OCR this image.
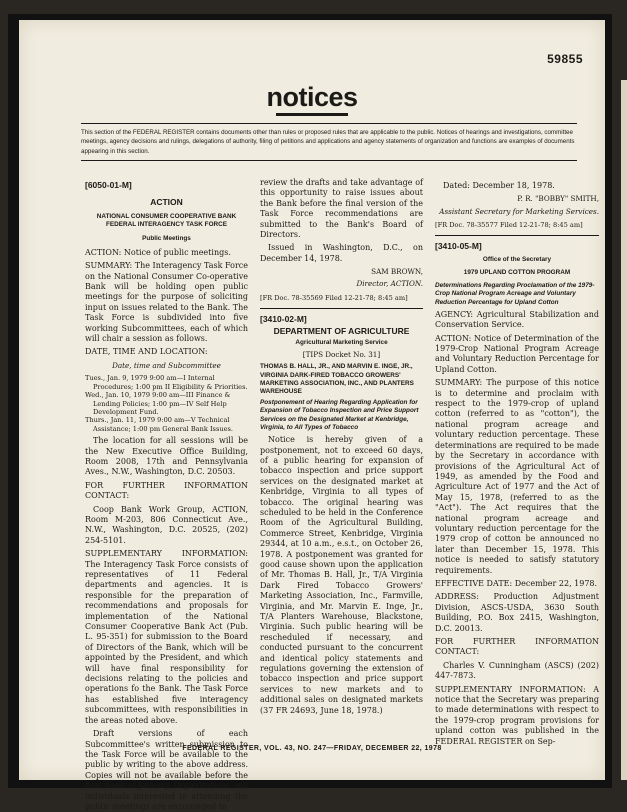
59855
notices
This section of the FEDERAL REGISTER contains documents other than rules or proposed rules that are applicable to the public. Notices of hearings and investigations, committee meetings, agency decisions and rulings, delegations of authority, filing of petitions and applications and agency statements of organization and functions are examples of documents appearing in this section.
[6050-01-M]
ACTION
NATIONAL CONSUMER COOPERATIVE BANK FEDERAL INTERAGENCY TASK FORCE
Public Meetings

ACTION: Notice of public meetings.

SUMMARY: The Interagency Task Force on the National Consumer Co-operative Bank will be holding open public meetings for the purpose of soliciting input on issues related to the Bank. The Task Force is subdivided into five working Subcommittees, each of which will chair a session as follows.

DATE, TIME AND LOCATION:

Date, time and Subcommittee
Tues., Jan. 9, 1979 9:00 am—I Internal Procedures; 1:00 pm II Eligibility & Priorities.
Wed., Jan. 10, 1979 9:00 am—III Finance & Lending Policies; 1:00 pm—IV Self Help Development Fund.
Thurs., Jan. 11, 1979 9:00 am—V Technical Assistance; 1:00 pm General Bank Issues.

The location for all sessions will be the New Executive Office Building, Room 2008, 17th and Pennsylvania Aves., N.W., Washington, D.C. 20503.

FOR FURTHER INFORMATION CONTACT:

Coop Bank Work Group, ACTION, Room M-203, 806 Connecticut Ave., N.W., Washington, D.C. 20525, (202) 254-5101.

SUPPLEMENTARY INFORMATION: The Interagency Task Force consists of representatives of 11 Federal departments and agencies. It is responsible for the preparation of recommendations and proposals for implementation of the National Consumer Cooperative Bank Act (Pub. L. 95-351) for submission to the Board of Directors of the Bank, which will be appointed by the President, and which will have final responsibility for decisions relating to the policies and operations fo the Bank. The Task Force has established five interagency subcommittees, with responsibilities in the areas noted above.

Draft versions of each Subcommittee's written submission to the Task Force will be available to the public by writing to the above address. Copies will not be available before the first week of January. Organizations and individuals interested in attending the public meetings are encouraged to

review the drafts and take advantage of this opportunity to raise issues about the Bank before the final version of the Task Force recommendations are submitted to the Bank's Board of Directors.

Issued in Washington, D.C., on December 14, 1978.

SAM BROWN,

Director, ACTION.

[FR Doc. 78-35569 Filed 12-21-78; 8:45 am]

[3410-02-M]
DEPARTMENT OF AGRICULTURE
Agricultural Marketing Service
[TIPS Docket No. 31]

THOMAS B. HALL, JR., AND MARVIN E. INGE, JR., VIRGINIA DARK-FIRED TOBACCO GROWERS' MARKETING ASSOCIATION, INC., AND PLANTERS WAREHOUSE

Postponement of Hearing Regarding Application for Expansion of Tobacco Inspection and Price Support Services on the Designated Market at Kenbridge, Virginia, to All Types of Tobacco

Notice is hereby given of a postponement, not to exceed 60 days, of a public hearing for expansion of tobacco inspection and price support services on the designated market at Kenbridge, Virginia to all types of tobacco. The original hearing was scheduled to be held in the Conference Room of the Agricultural Building, Commerce Street, Kenbridge, Virginia 29344, at 10 a.m., e.s.t., on October 26, 1978. A postponement was granted for good cause shown upon the application of Mr. Thomas B. Hall, Jr., T/A Virginia Dark Fired Tobacco Growers' Marketing Association, Inc., Farmville, Virginia, and Mr. Marvin E. Inge, Jr., T/A Planters Warehouse, Blackstone, Virginia. Such public hearing will be rescheduled if necessary, and conducted pursuant to the concurrent and identical policy statements and regulations governing the extension of tobacco inspection and price support services to new markets and to additional sales on designated markets (37 FR 24693, June 18, 1978.)

Dated: December 18, 1978.

P. R. "BOBBY" SMITH,

Assistant Secretary for Marketing Services.

[FR Doc. 78-35577 Filed 12-21-78; 8:45 am]

[3410-05-M]
Office of the Secretary
1979 UPLAND COTTON PROGRAM

Determinations Regarding Proclamation of the 1979-Crop National Program Acreage and Voluntary Reduction Percentage for Upland Cotton

AGENCY: Agricultural Stabilization and Conservation Service.

ACTION: Notice of Determination of the 1979-Crop National Program Acreage and Voluntary Reduction Percentage for Upland Cotton.

SUMMARY: The purpose of this notice is to determine and proclaim with respect to the 1979-crop of upland cotton (referred to as "cotton"), the national program acreage and voluntary reduction percentage. These determinations are required to be made by the Secretary in accordance with provisions of the Agricultural Act of 1949, as amended by the Food and Agriculture Act of 1977 and the Act of May 15, 1978, (referred to as the "Act"). The Act requires that the national program acreage and voluntary reduction percentage for the 1979 crop of cotton be announced no later than December 15, 1978. This notice is needed to satisfy statutory requirements.

EFFECTIVE DATE: December 22, 1978.

ADDRESS: Production Adjustment Division, ASCS-USDA, 3630 South Building, P.O. Box 2415, Washington, D.C. 20013.

FOR FURTHER INFORMATION CONTACT:

Charles V. Cunningham (ASCS) (202) 447-7873.

SUPPLEMENTARY INFORMATION: A notice that the Secretary was preparing to made determinations with respect to the 1979-crop program provisions for upland cotton was published in the FEDERAL REGISTER on Sep-

FEDERAL REGISTER, VOL. 43, NO. 247—FRIDAY, DECEMBER 22, 1978
